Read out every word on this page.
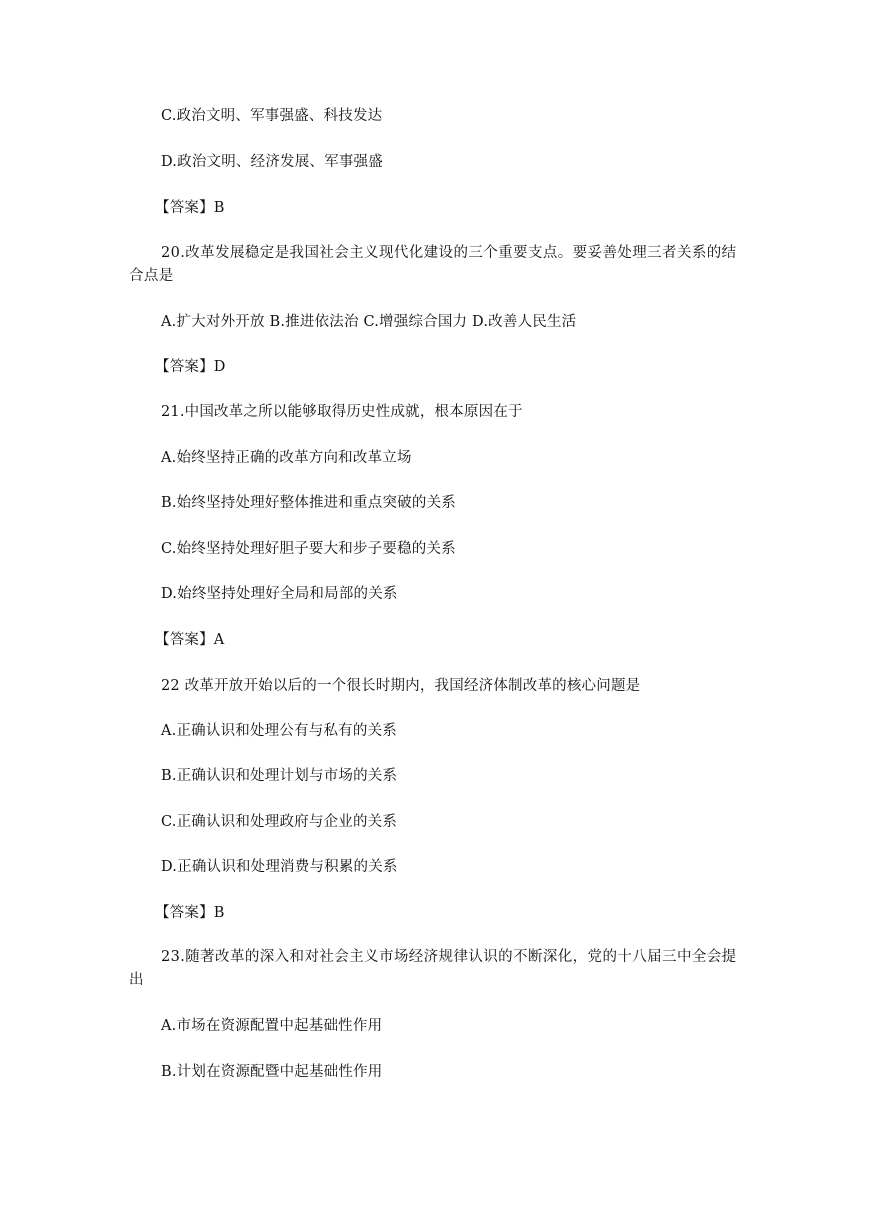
C.政治文明、军事强盛、科技发达
D.政治文明、经济发展、军事强盛
【答案】B
20.改革发展稳定是我国社会主义现代化建设的三个重要支点。要妥善处理三者关系的结合点是
A.扩大对外开放 B.推进依法治 C.增强综合国力 D.改善人民生活
【答案】D
21.中国改革之所以能够取得历史性成就，根本原因在于
A.始终坚持正确的改革方向和改革立场
B.始终坚持处理好整体推进和重点突破的关系
C.始终坚持处理好胆子要大和步子要稳的关系
D.始终坚持处理好全局和局部的关系
【答案】A
22 改革开放开始以后的一个很长时期内，我国经济体制改革的核心问题是
A.正确认识和处理公有与私有的关系
B.正确认识和处理计划与市场的关系
C.正确认识和处理政府与企业的关系
D.正确认识和处理消费与积累的关系
【答案】B
23.随著改革的深入和对社会主义市场经济规律认识的不断深化，党的十八届三中全会提出
A.市场在资源配置中起基础性作用
B.计划在资源配暨中起基础性作用
